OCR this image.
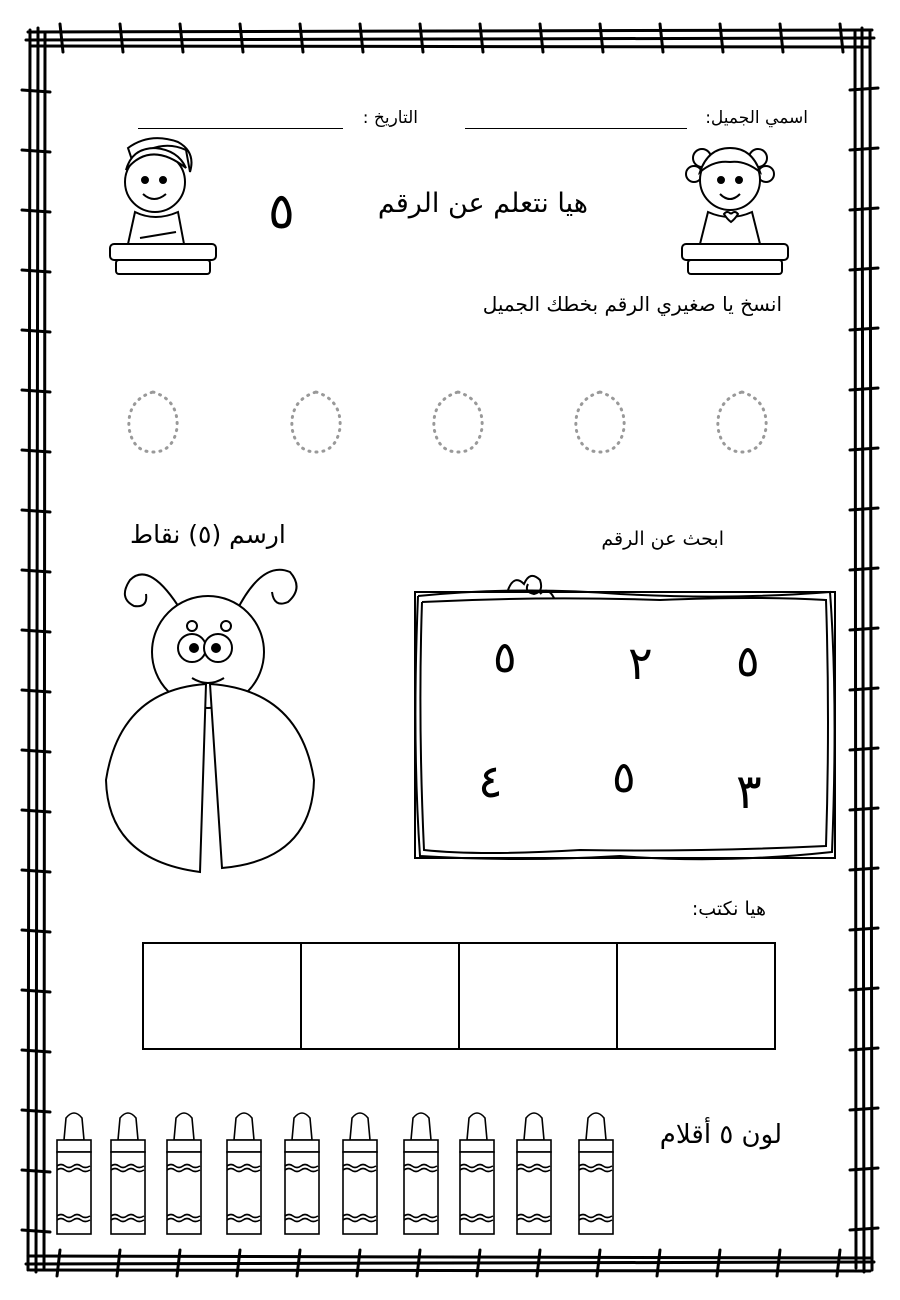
اسمي الجميل:
التاريخ :
٥	هيا نتعلم عن الرقم
انسخ يا صغيري الرقم بخطك الجميل
ارسم (٥) نقاط	ابحث عن الرقم
٥ ٢ ٥
٤ ٥ ٣
هيا نكتب:
لون ٥ أقلام
